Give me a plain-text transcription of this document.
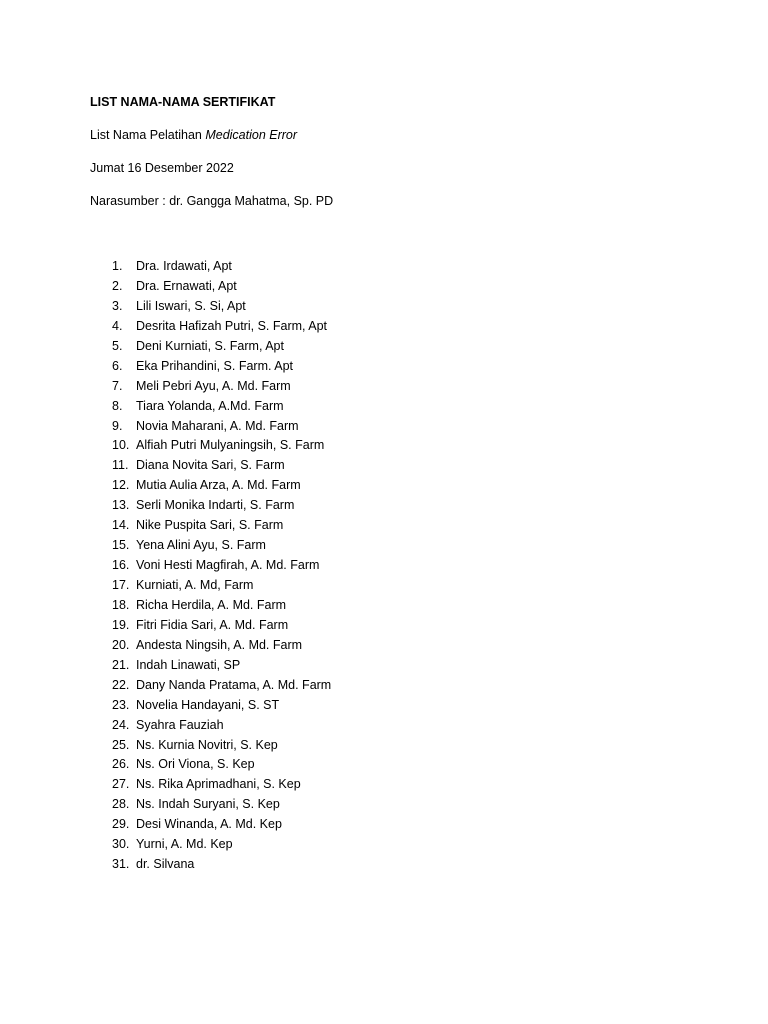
LIST NAMA-NAMA SERTIFIKAT
List Nama Pelatihan Medication Error
Jumat 16 Desember 2022
Narasumber : dr. Gangga Mahatma, Sp. PD
1.	Dra. Irdawati, Apt
2.	Dra. Ernawati, Apt
3.	Lili Iswari, S. Si, Apt
4.	Desrita Hafizah Putri, S. Farm, Apt
5.	Deni Kurniati, S. Farm, Apt
6.	Eka Prihandini, S. Farm. Apt
7.	Meli Pebri Ayu, A. Md. Farm
8.	Tiara Yolanda, A.Md. Farm
9.	Novia Maharani, A. Md. Farm
10. Alfiah Putri Mulyaningsih, S. Farm
11. Diana Novita Sari, S. Farm
12. Mutia Aulia Arza, A. Md. Farm
13. Serli Monika Indarti, S. Farm
14. Nike Puspita Sari, S. Farm
15. Yena Alini Ayu, S. Farm
16. Voni Hesti Magfirah, A. Md. Farm
17. Kurniati, A. Md, Farm
18. Richa Herdila, A. Md. Farm
19. Fitri Fidia Sari, A. Md. Farm
20. Andesta Ningsih, A. Md. Farm
21. Indah Linawati, SP
22. Dany Nanda Pratama, A. Md. Farm
23. Novelia Handayani, S. ST
24. Syahra Fauziah
25. Ns. Kurnia Novitri, S. Kep
26. Ns. Ori Viona, S. Kep
27. Ns. Rika Aprimadhani, S. Kep
28. Ns. Indah Suryani, S. Kep
29. Desi Winanda, A. Md. Kep
30. Yurni, A. Md. Kep
31. dr. Silvana
